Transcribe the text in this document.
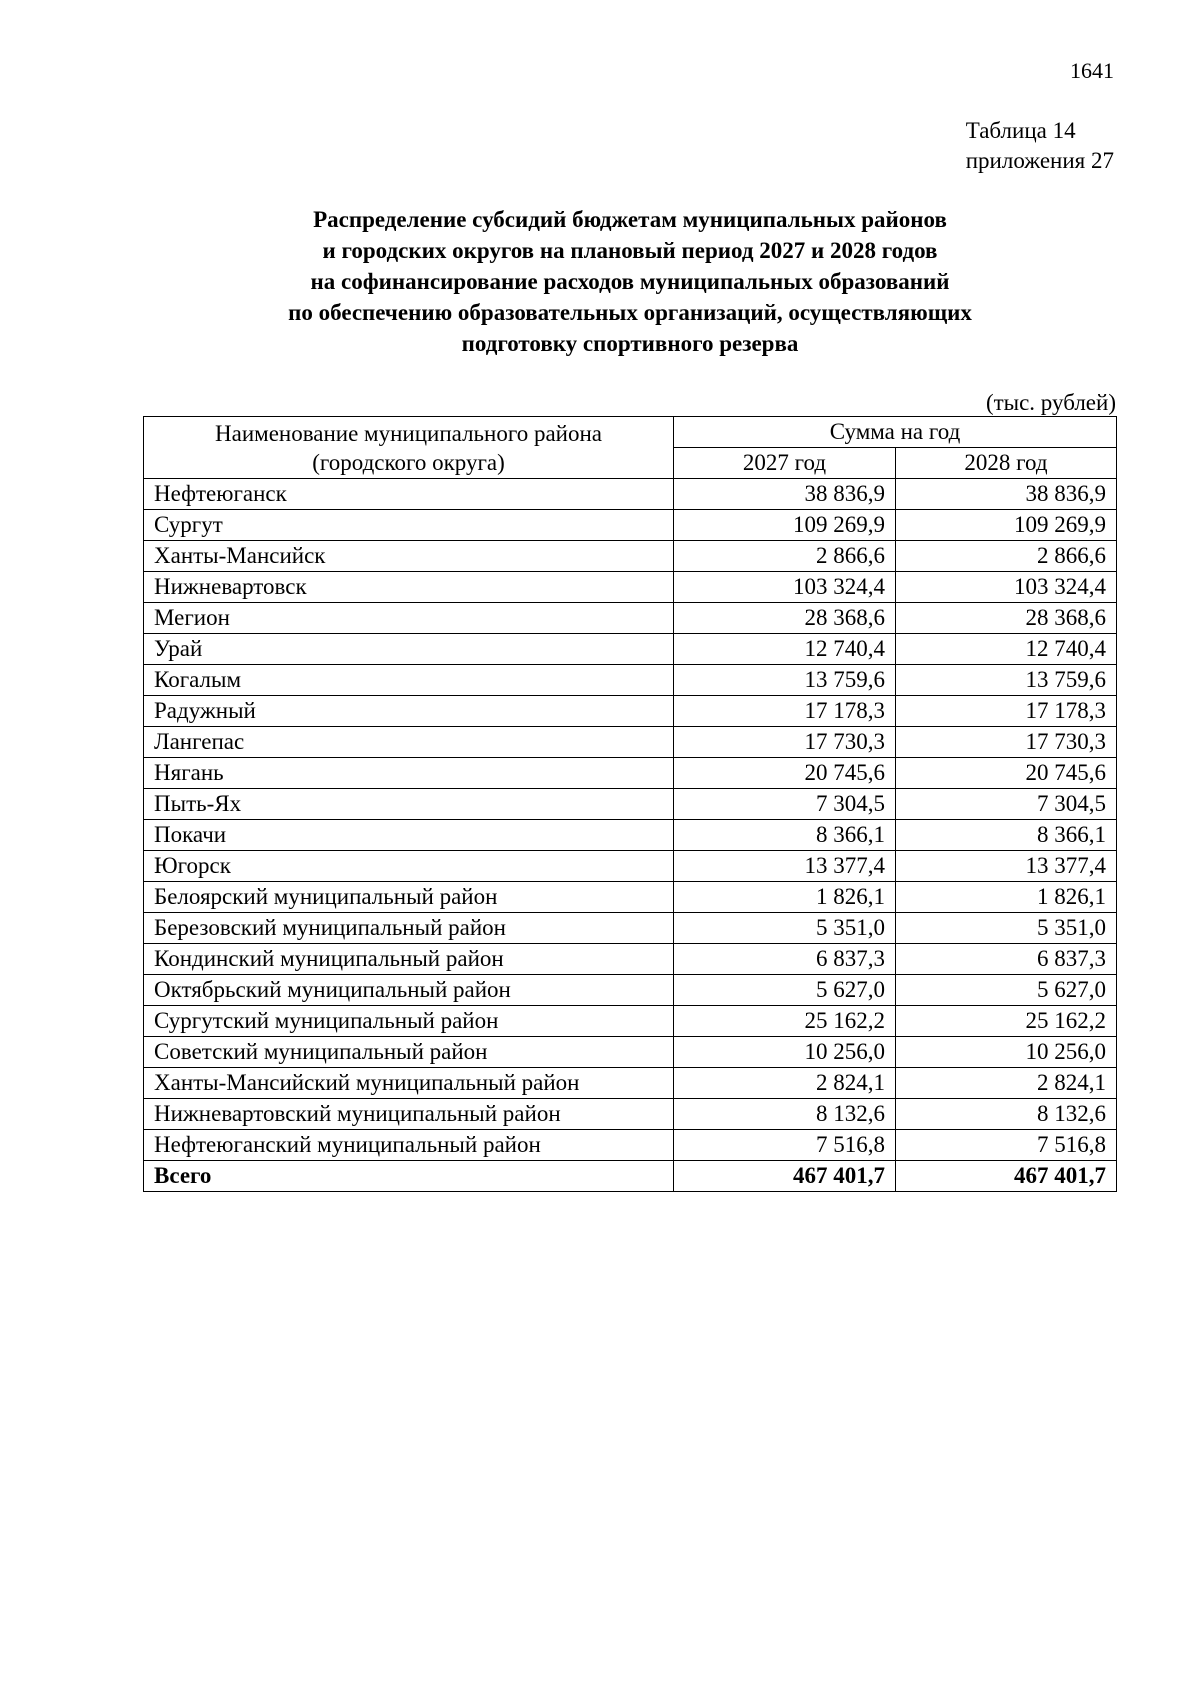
1641
Таблица 14
приложения 27
Распределение субсидий бюджетам муниципальных районов
и городских округов на плановый период 2027 и 2028 годов
на софинансирование расходов муниципальных образований
по обеспечению образовательных организаций, осуществляющих
подготовку спортивного резерва
(тыс. рублей)
Наименование муниципального района
(городского округа)	Сумма на год	
	2027 год	2028 год
Нефтеюганск	38 836,9	38 836,9
Сургут	109 269,9	109 269,9
Ханты-Мансийск	2 866,6	2 866,6
Нижневартовск	103 324,4	103 324,4
Мегион	28 368,6	28 368,6
Урай	12 740,4	12 740,4
Когалым	13 759,6	13 759,6
Радужный	17 178,3	17 178,3
Лангепас	17 730,3	17 730,3
Нягань	20 745,6	20 745,6
Пыть-Ях	7 304,5	7 304,5
Покачи	8 366,1	8 366,1
Югорск	13 377,4	13 377,4
Белоярский муниципальный район	1 826,1	1 826,1
Березовский муниципальный район	5 351,0	5 351,0
Кондинский муниципальный район	6 837,3	6 837,3
Октябрьский муниципальный район	5 627,0	5 627,0
Сургутский муниципальный район	25 162,2	25 162,2
Советский муниципальный район	10 256,0	10 256,0
Ханты-Мансийский муниципальный район	2 824,1	2 824,1
Нижневартовский муниципальный район	8 132,6	8 132,6
Нефтеюганский муниципальный район	7 516,8	7 516,8
Всего	467 401,7	467 401,7
